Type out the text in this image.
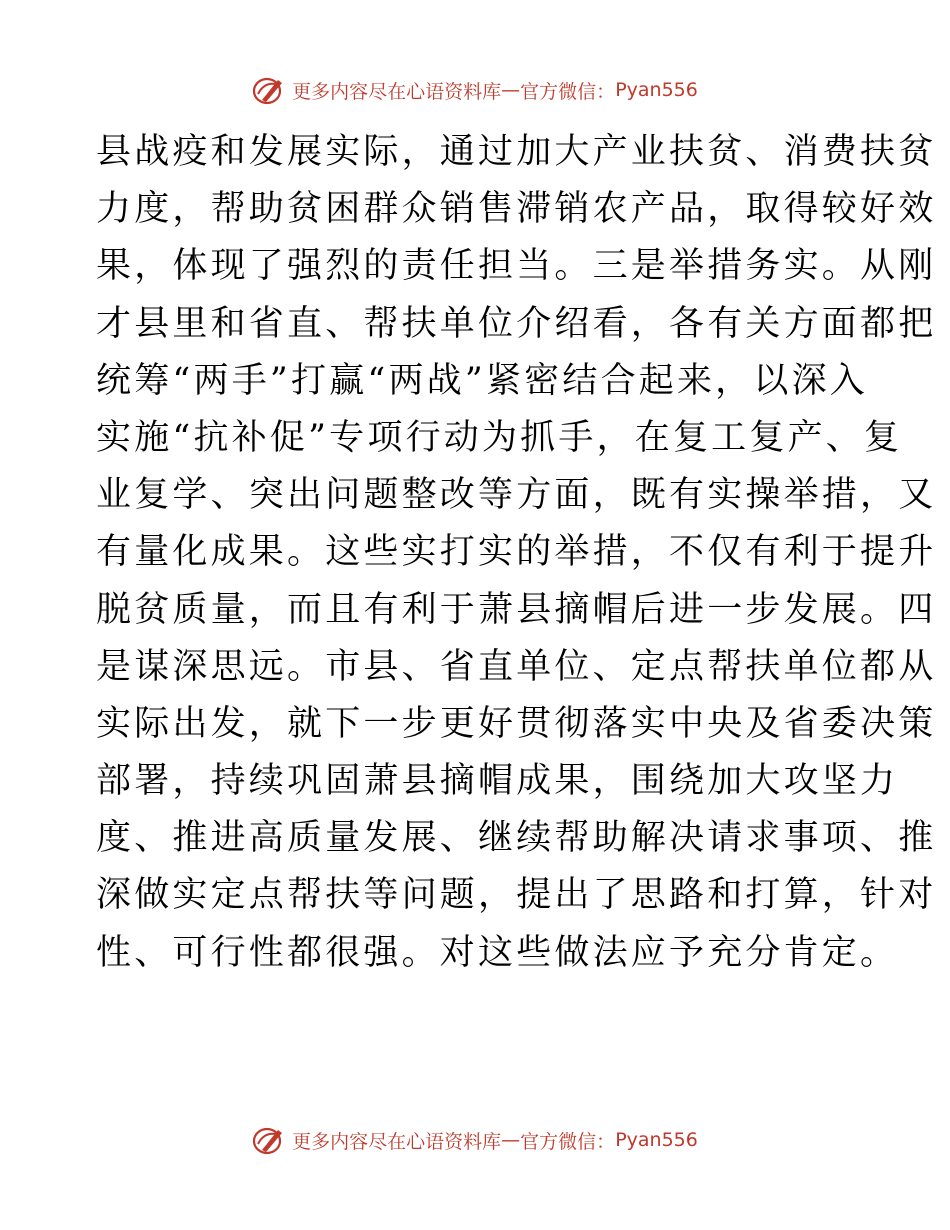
更多内容尽在心语资料库 — 官方微信： Pyan556
县战疫和发展实际，通过加大产业扶贫、消费扶贫
力度，帮助贫困群众销售滞销农产品，取得较好效
果，体现了强烈的责任担当。三是举措务实。从刚
才县里和省直、帮扶单位介绍看，各有关方面都把
统筹“两手”打赢“两战”紧密结合起来，以深入
实施“抗补促”专项行动为抓手，在复工复产、复
业复学、突出问题整改等方面，既有实操举措，又
有量化成果。这些实打实的举措，不仅有利于提升
脱贫质量，而且有利于萧县摘帽后进一步发展。四
是谋深思远。市县、省直单位、定点帮扶单位都从
实际出发，就下一步更好贯彻落实中央及省委决策
部署，持续巩固萧县摘帽成果，围绕加大攻坚力
度、推进高质量发展、继续帮助解决请求事项、推
深做实定点帮扶等问题，提出了思路和打算，针对
性、可行性都很强。对这些做法应予充分肯定。
更多内容尽在心语资料库 — 官方微信： Pyan556
